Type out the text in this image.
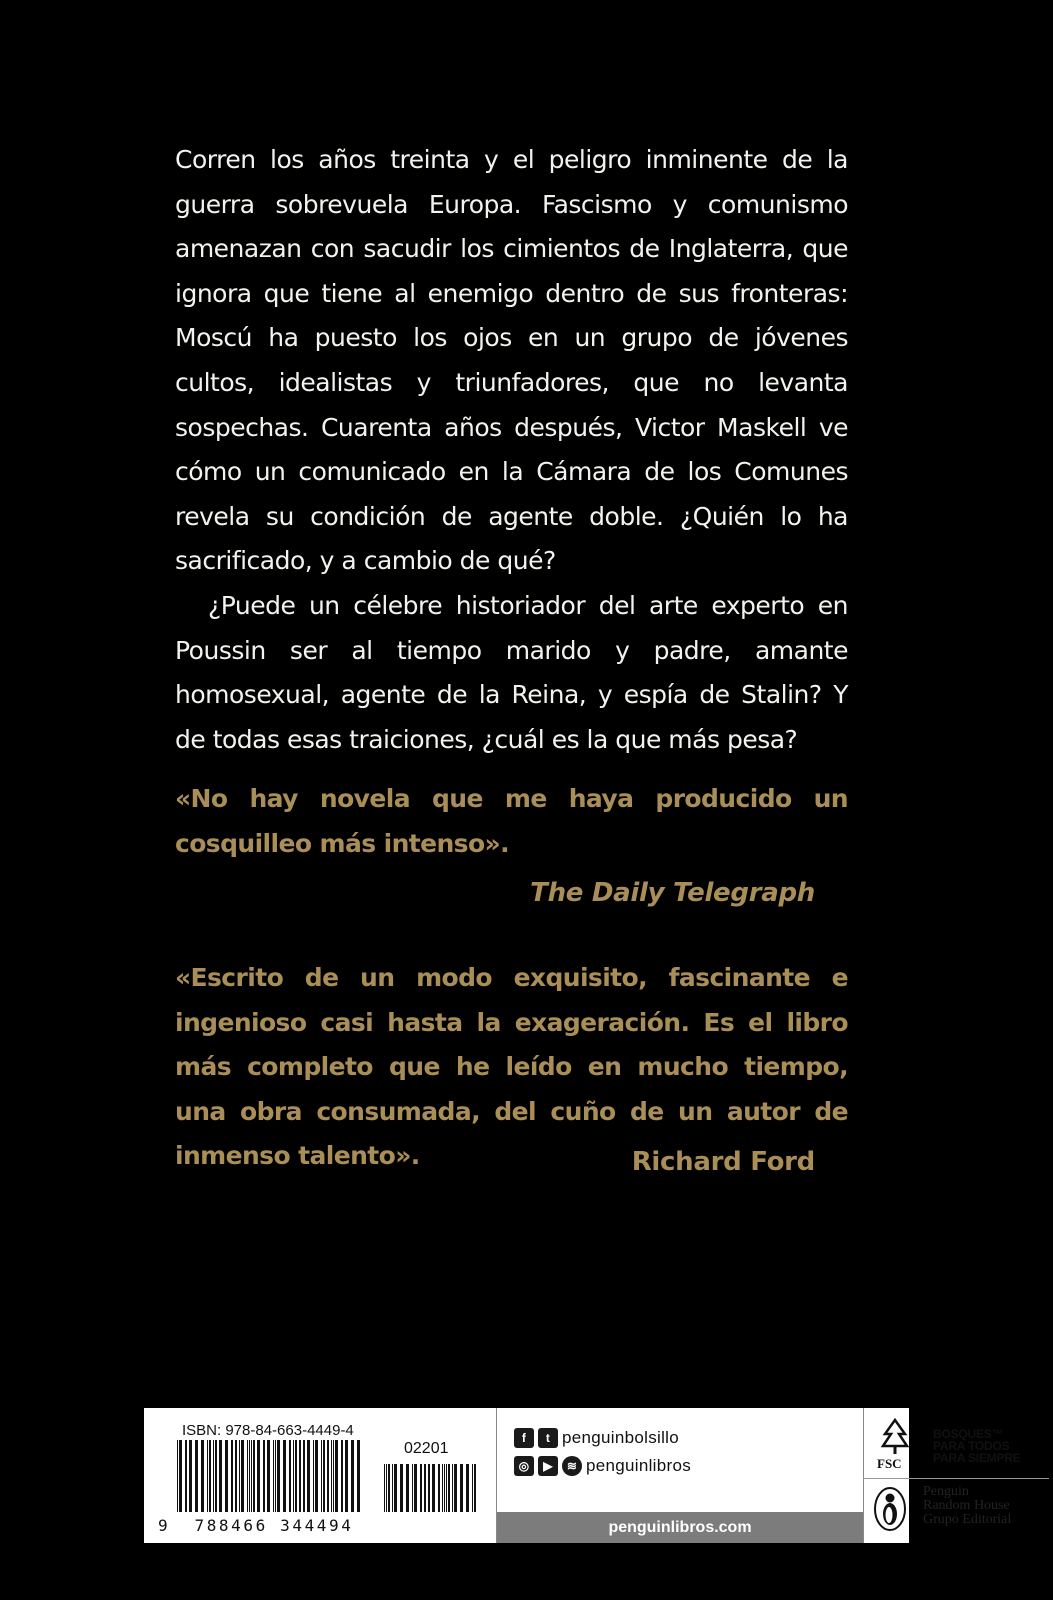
Corren los años treinta y el peligro inminente de la guerra sobrevuela Europa. Fascismo y comunismo amenazan con sacudir los cimientos de Inglaterra, que ignora que tiene al enemigo dentro de sus fronteras: Moscú ha puesto los ojos en un grupo de jóvenes cultos, idealistas y triunfadores, que no levanta sospechas. Cuarenta años después, Victor Maskell ve cómo un comunicado en la Cámara de los Comunes revela su condición de agente doble. ¿Quién lo ha sacrificado, y a cambio de qué?

¿Puede un célebre historiador del arte experto en Poussin ser al tiempo marido y padre, amante homosexual, agente de la Reina, y espía de Stalin? Y de todas esas traiciones, ¿cuál es la que más pesa?

«No hay novela que me haya producido un cosquilleo más intenso».
The Daily Telegraph
«Escrito de un modo exquisito, fascinante e ingenioso casi hasta la exageración. Es el libro más completo que he leído en mucho tiempo, una obra consumada, del cuño de un autor de inmenso talento».	Richard Ford
ISBN: 978-84-663-4449-4
02201
9 788466 344494
f	t penguinbolsillo
◎	▶	≋ penguinlibros
penguinlibros.com
FSC
BOSQUES™
PARA TODOS
PARA SIEMPRE
Penguin
Random House
Grupo Editorial
